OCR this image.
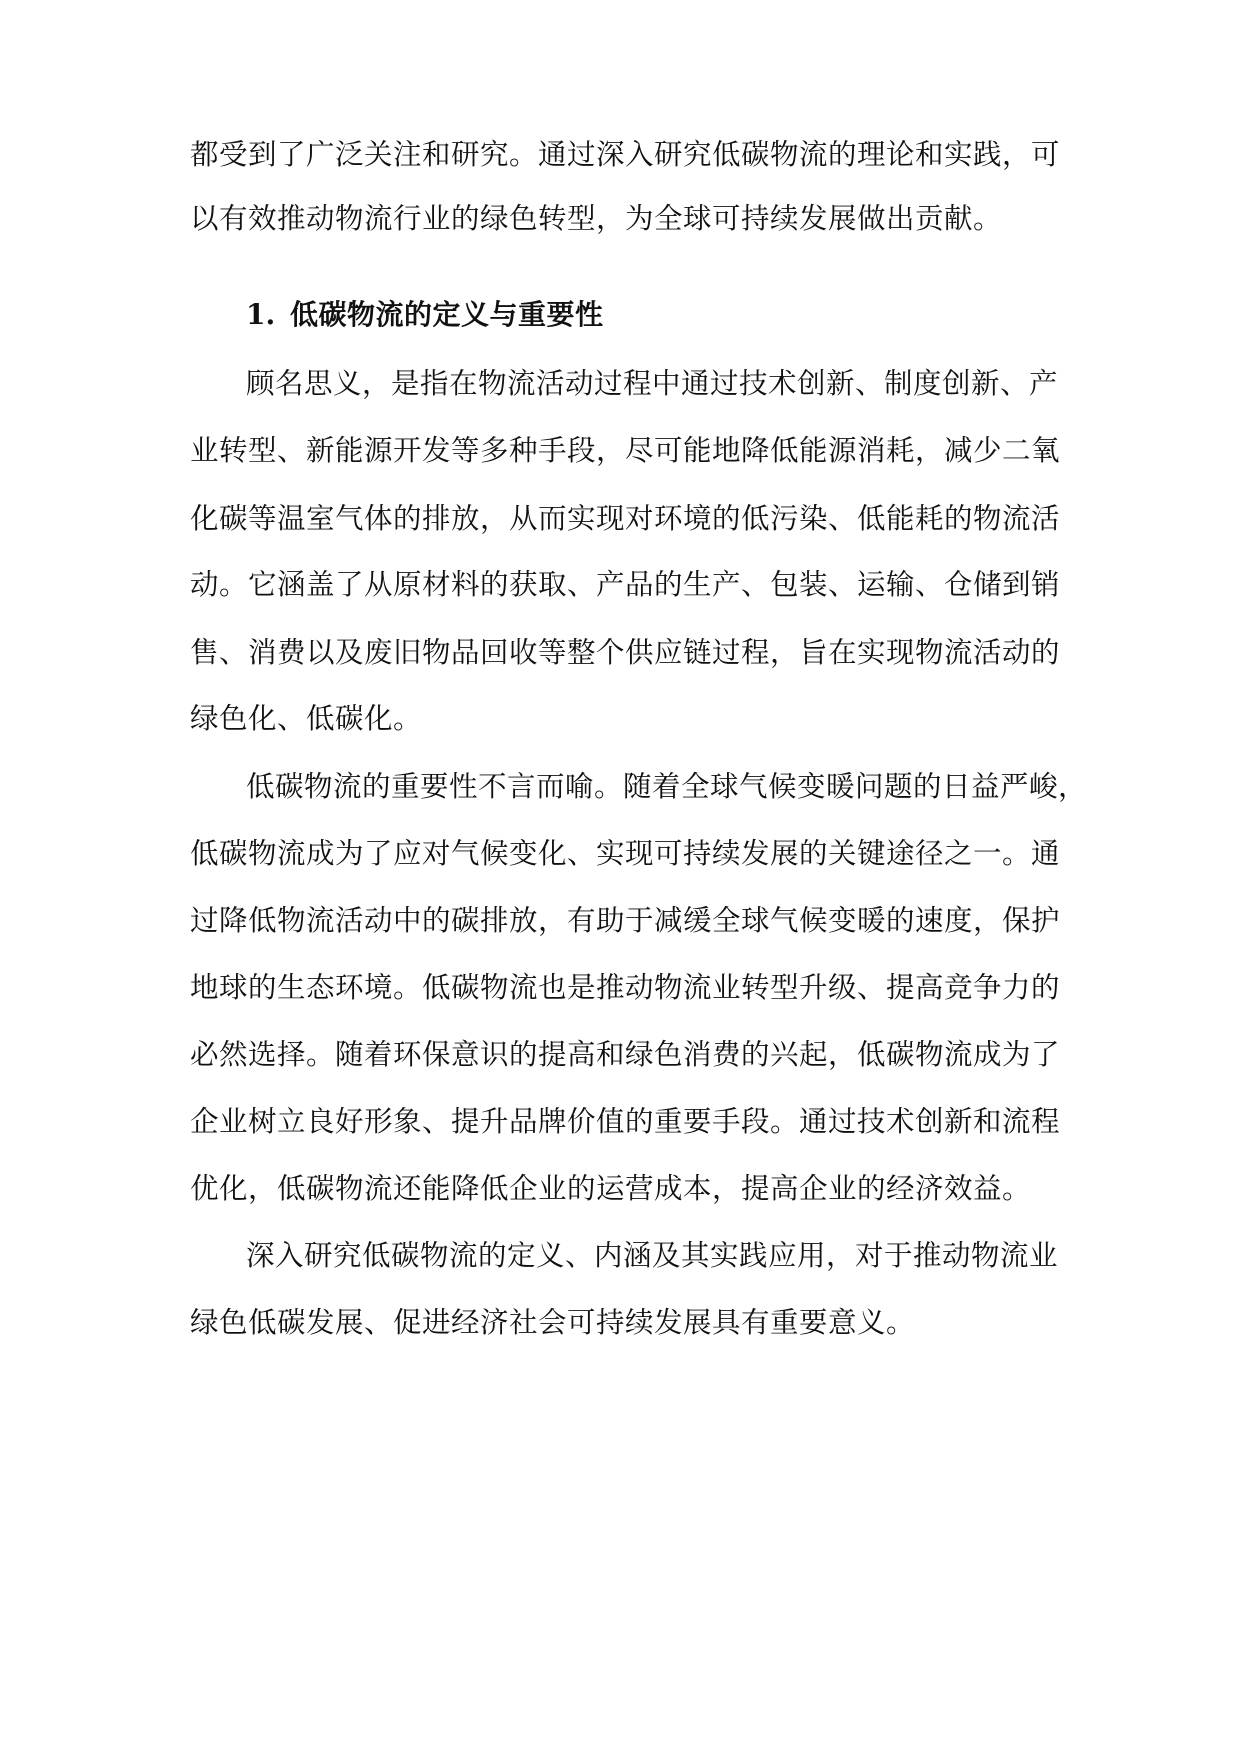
都受到了广泛关注和研究。通过深入研究低碳物流的理论和实践，可
以有效推动物流行业的绿色转型，为全球可持续发展做出贡献。
1. 低碳物流的定义与重要性
顾名思义，是指在物流活动过程中通过技术创新、制度创新、产
业转型、新能源开发等多种手段，尽可能地降低能源消耗，减少二氧
化碳等温室气体的排放，从而实现对环境的低污染、低能耗的物流活
动。它涵盖了从原材料的获取、产品的生产、包装、运输、仓储到销
售、消费以及废旧物品回收等整个供应链过程，旨在实现物流活动的
绿色化、低碳化。
低碳物流的重要性不言而喻。随着全球气候变暖问题的日益严峻，
低碳物流成为了应对气候变化、实现可持续发展的关键途径之一。通
过降低物流活动中的碳排放，有助于减缓全球气候变暖的速度，保护
地球的生态环境。低碳物流也是推动物流业转型升级、提高竞争力的
必然选择。随着环保意识的提高和绿色消费的兴起，低碳物流成为了
企业树立良好形象、提升品牌价值的重要手段。通过技术创新和流程
优化，低碳物流还能降低企业的运营成本，提高企业的经济效益。
深入研究低碳物流的定义、内涵及其实践应用，对于推动物流业
绿色低碳发展、促进经济社会可持续发展具有重要意义。
